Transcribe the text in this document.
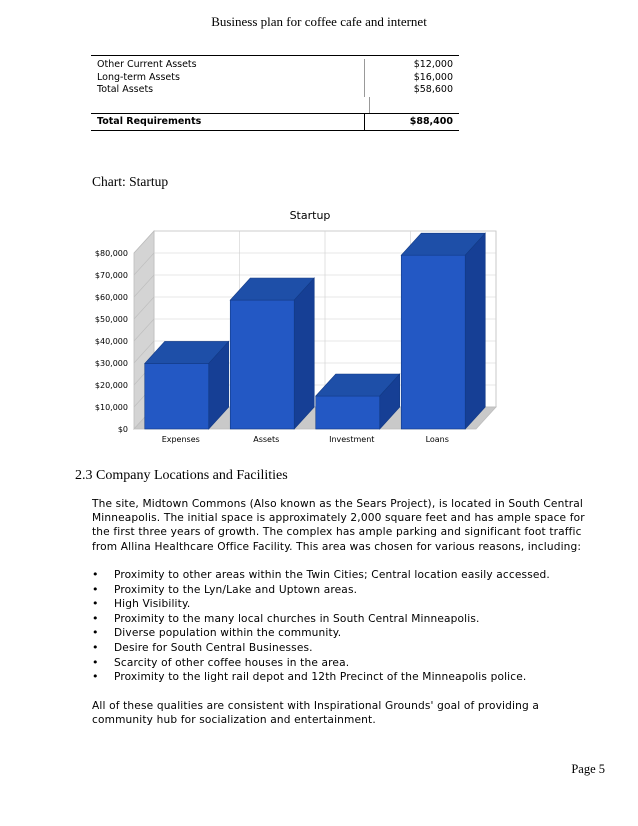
Business plan for coffee cafe and internet
Other Current Assets	$12,000
Long-term Assets	$16,000
Total Assets	$58,600
Total Requirements	$88,400
Chart: Startup
Startup
$0
$10,000
$20,000
$30,000
$40,000
$50,000
$60,000
$70,000
$80,000
Expenses	Assets	Investment	Loans
2.3 Company Locations and Facilities

The site, Midtown Commons (Also known as the Sears Project), is located in South Central Minneapolis. The initial space is approximately 2,000 square feet and has ample space for the first three years of growth. The complex has ample parking and significant foot traffic from Allina Healthcare Office Facility. This area was chosen for various reasons, including:

•	Proximity to other areas within the Twin Cities; Central location easily accessed.
•	Proximity to the Lyn/Lake and Uptown areas.
•	High Visibility.
•	Proximity to the many local churches in South Central Minneapolis.
•	Diverse population within the community.
•	Desire for South Central Businesses.
•	Scarcity of other coffee houses in the area.
•	Proximity to the light rail depot and 12th Precinct of the Minneapolis police.
All of these qualities are consistent with Inspirational Grounds' goal of providing a community hub for socialization and entertainment.
Page 5
